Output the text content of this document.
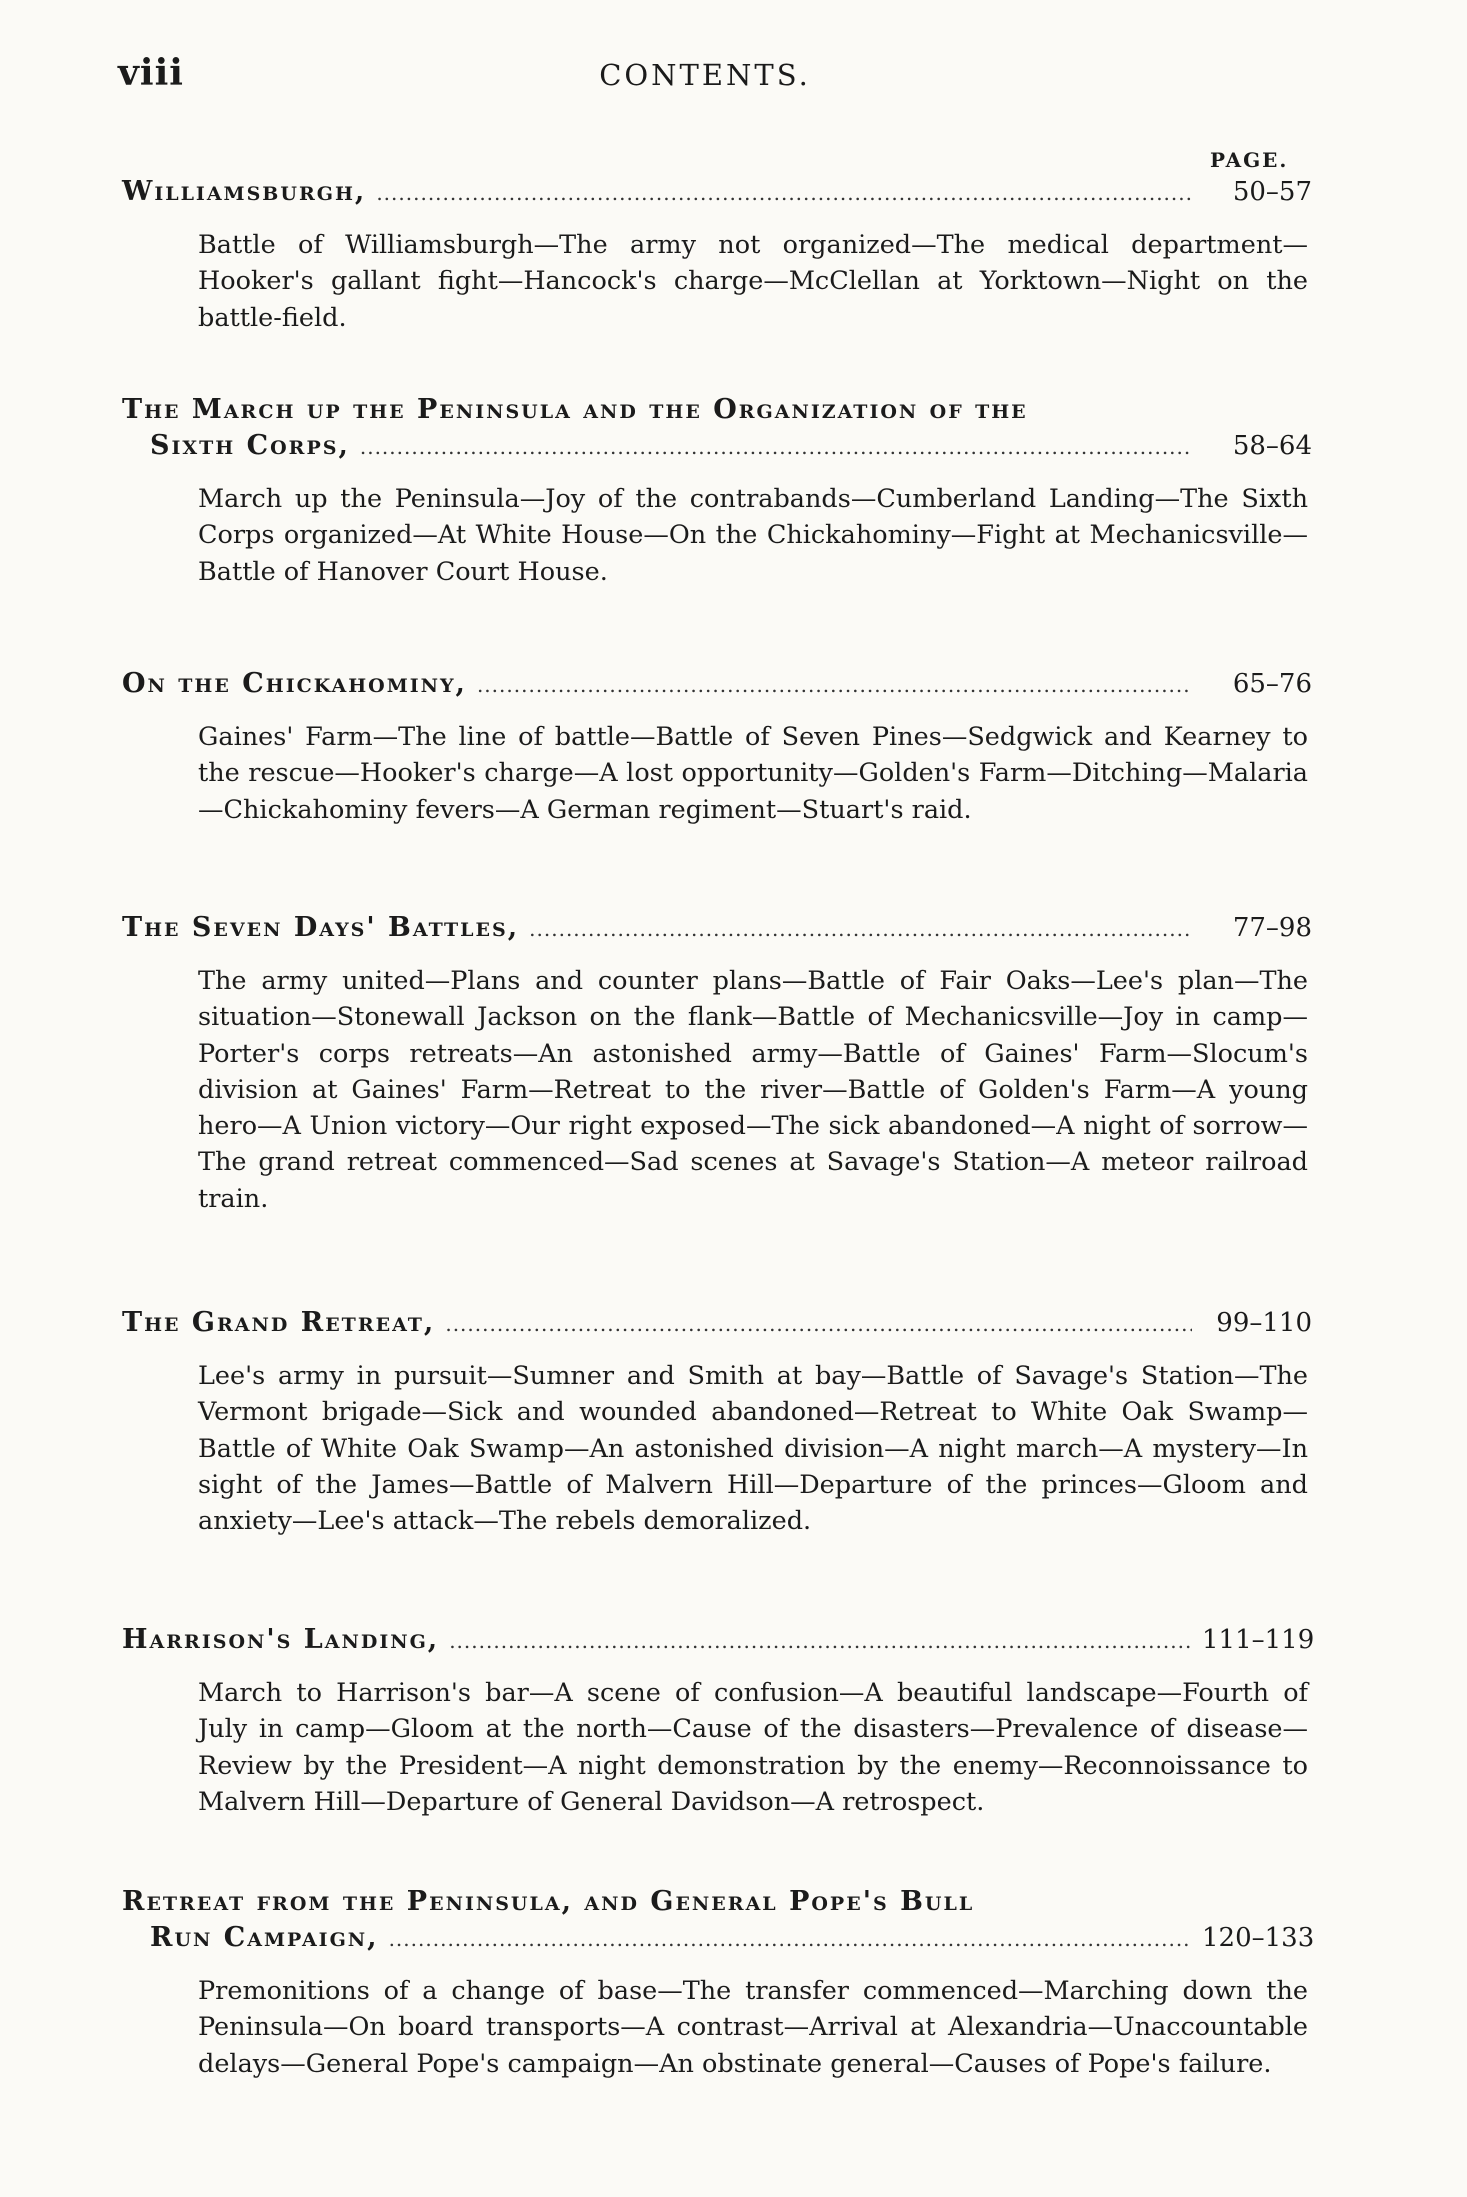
viii	CONTENTS.
PAGE.
Williamsburgh, .....	50–57
Battle of Williamsburgh—The army not organized—The medical department—Hooker's gallant fight—Hancock's charge—McClellan at Yorktown—Night on the battle-field.
The March up the Peninsula and the Organization of the
Sixth Corps, .....	58–64
March up the Peninsula—Joy of the contrabands—Cumberland Landing—The Sixth Corps organized—At White House—On the Chickahominy—Fight at Mechanicsville—Battle of Hanover Court House.
On the Chickahominy, .....	65–76
Gaines' Farm—The line of battle—Battle of Seven Pines—Sedgwick and Kearney to the rescue—Hooker's charge—A lost opportunity—Golden's Farm—Ditching—Malaria—Chickahominy fevers—A German regiment—Stuart's raid.
The Seven Days' Battles, .....	77–98
The army united—Plans and counter plans—Battle of Fair Oaks—Lee's plan—The situation—Stonewall Jackson on the flank—Battle of Mechanicsville—Joy in camp—Porter's corps retreats—An astonished army—Battle of Gaines' Farm—Slocum's division at Gaines' Farm—Retreat to the river—Battle of Golden's Farm—A young hero—A Union victory—Our right exposed—The sick abandoned—A night of sorrow—The grand retreat commenced—Sad scenes at Savage's Station—A meteor railroad train.
The Grand Retreat, .....	99–110
Lee's army in pursuit—Sumner and Smith at bay—Battle of Savage's Station—The Vermont brigade—Sick and wounded abandoned—Retreat to White Oak Swamp—Battle of White Oak Swamp—An astonished division—A night march—A mystery—In sight of the James—Battle of Malvern Hill—Departure of the princes—Gloom and anxiety—Lee's attack—The rebels demoralized.
Harrison's Landing, .....	111–119
March to Harrison's bar—A scene of confusion—A beautiful landscape—Fourth of July in camp—Gloom at the north—Cause of the disasters—Prevalence of disease—Review by the President—A night demonstration by the enemy—Reconnoissance to Malvern Hill—Departure of General Davidson—A retrospect.
Retreat from the Peninsula, and General Pope's Bull
Run Campaign, .....	120–133
Premonitions of a change of base—The transfer commenced—Marching down the Peninsula—On board transports—A contrast—Arrival at Alexandria—Unaccountable delays—General Pope's campaign—An obstinate general—Causes of Pope's failure.
